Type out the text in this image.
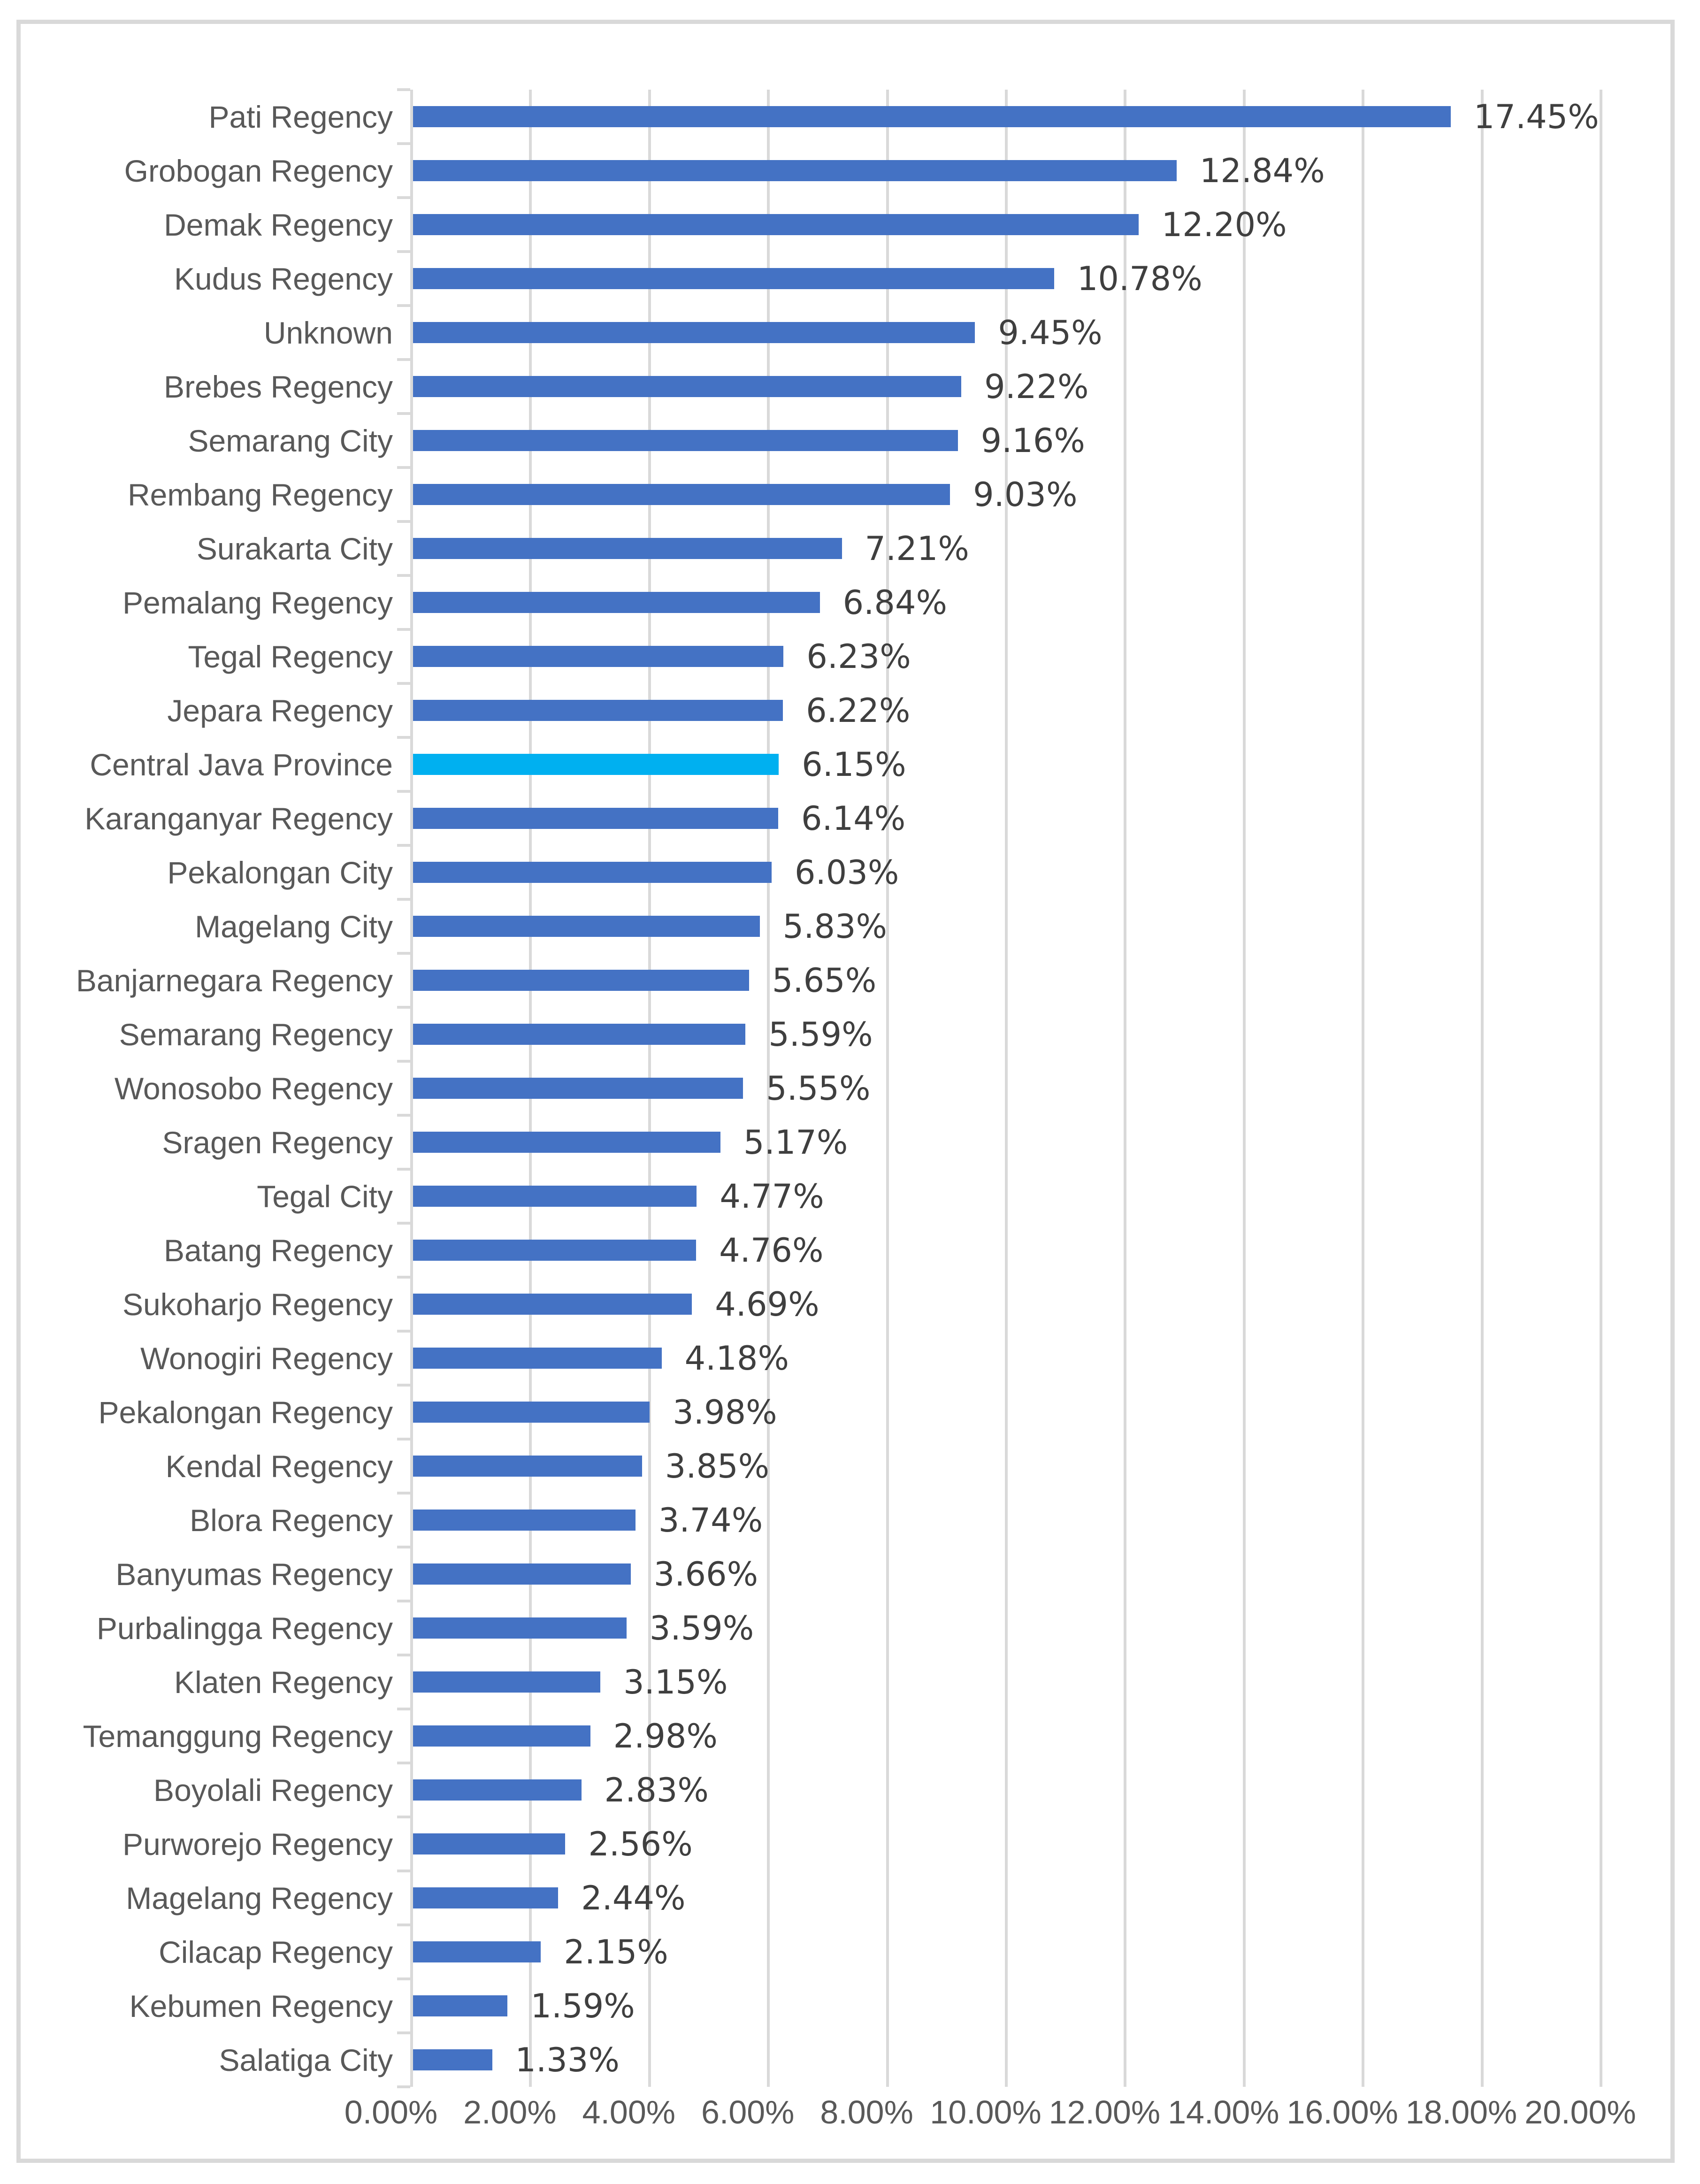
17.45%
12.84%
12.20%
10.78%
9.45%
9.22%
9.16%
9.03%
7.21%
6.84%
6.23%
6.22%
6.15%
6.14%
6.03%
5.83%
5.65%
5.59%
5.55%
5.17%
4.77%
4.76%
4.69%
4.18%
3.98%
3.85%
3.74%
3.66%
3.59%
3.15%
2.98%
2.83%
2.56%
2.44%
2.15%
1.59%
1.33%
Pati Regency
Grobogan Regency
Demak Regency
Kudus Regency
Unknown
Brebes Regency
Semarang City
Rembang Regency
Surakarta City
Pemalang Regency
Tegal Regency
Jepara Regency
Central Java Province
Karanganyar Regency
Pekalongan City
Magelang City
Banjarnegara Regency
Semarang Regency
Wonosobo Regency
Sragen Regency
Tegal City
Batang Regency
Sukoharjo Regency
Wonogiri Regency
Pekalongan Regency
Kendal Regency
Blora Regency
Banyumas Regency
Purbalingga Regency
Klaten Regency
Temanggung Regency
Boyolali Regency
Purworejo Regency
Magelang Regency
Cilacap Regency
Kebumen Regency
Salatiga City
0.00% 2.00% 4.00% 6.00% 8.00% 10.00% 12.00% 14.00% 16.00% 18.00% 20.00%
